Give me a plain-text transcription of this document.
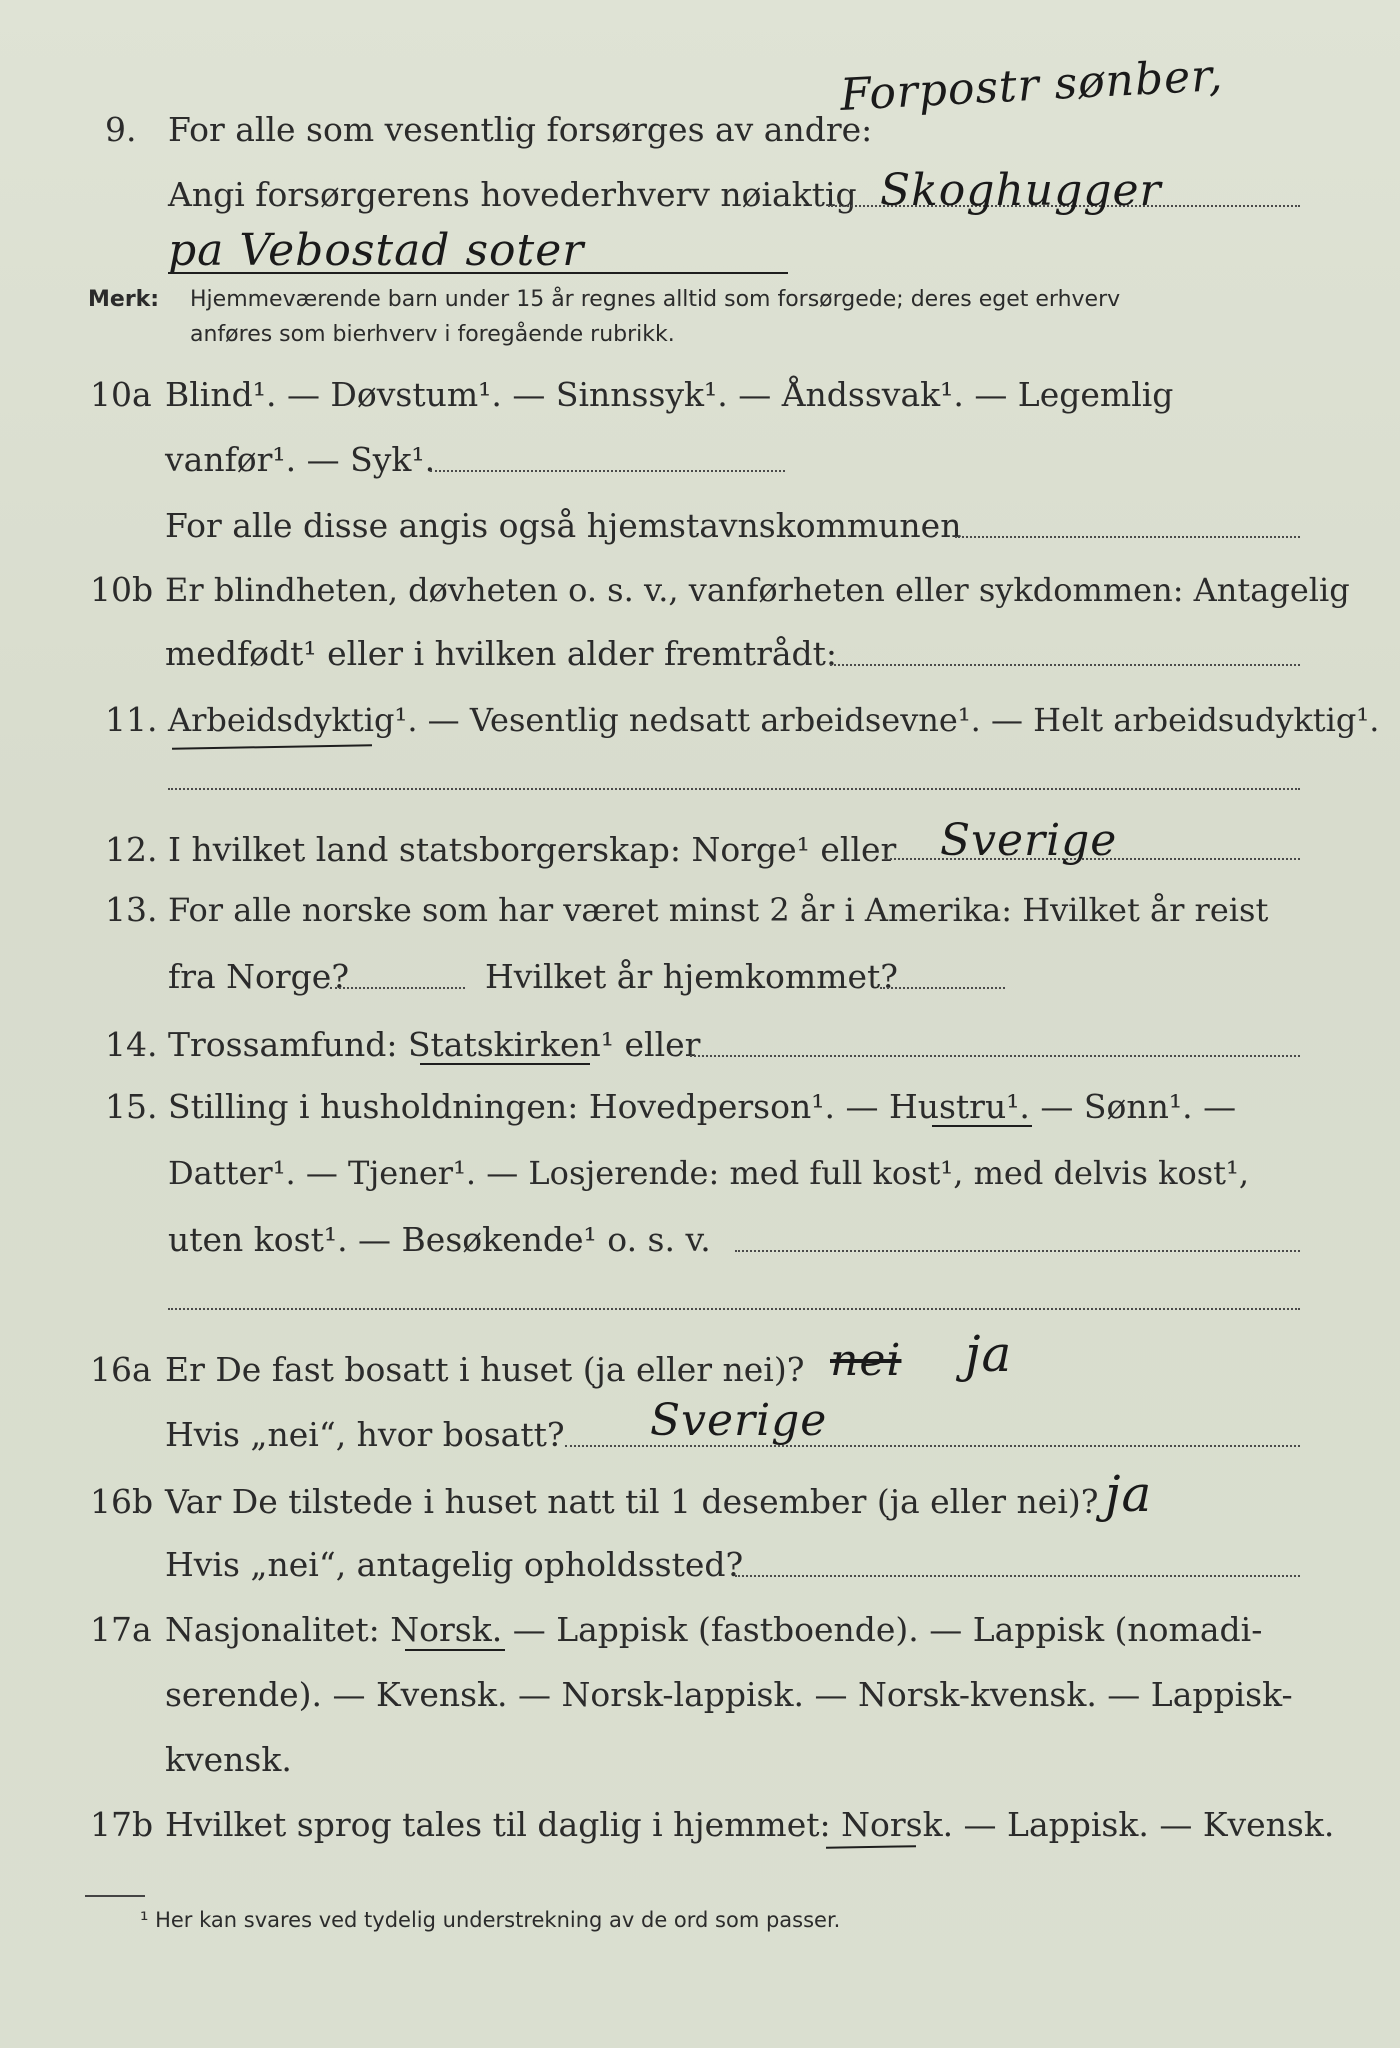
9. For alle som vesentlig forsørges av andre:
Forpostr sønber,
Angi forsørgerens hovederhverv nøiaktig Skoghugger
pa Vebostad soter
Merk: Hjemmeværende barn under 15 år regnes alltid som forsørgede; deres eget erhverv
anføres som bierhverv i foregående rubrikk.
10a Blind¹. — Døvstum¹. — Sinnssyk¹. — Åndssvak¹. — Legemlig
vanfør¹. — Syk¹.
For alle disse angis også hjemstavnskommunen
10b Er blindheten, døvheten o. s. v., vanførheten eller sykdommen: Antagelig
medfødt¹ eller i hvilken alder fremtrådt:
11. Arbeidsdyktig¹. — Vesentlig nedsatt arbeidsevne¹. — Helt arbeidsudyktig¹.
12. I hvilket land statsborgerskap: Norge¹ eller Sverige
13. For alle norske som har været minst 2 år i Amerika: Hvilket år reist
fra Norge?	Hvilket år hjemkommet?
14. Trossamfund: Statskirken¹ eller
15. Stilling i husholdningen: Hovedperson¹. — Hustru¹. — Sønn¹. —
Datter¹. — Tjener¹. — Losjerende: med full kost¹, med delvis kost¹,
uten kost¹. — Besøkende¹ o. s. v.
16a Er De fast bosatt i huset (ja eller nei)? nei ja
Hvis „nei“, hvor bosatt? Sverige
16b Var De tilstede i huset natt til 1 desember (ja eller nei)? ja
Hvis „nei“, antagelig opholdssted?
17a Nasjonalitet: Norsk. — Lappisk (fastboende). — Lappisk (nomadi-
serende). — Kvensk. — Norsk-lappisk. — Norsk-kvensk. — Lappisk-
kvensk.
17b Hvilket sprog tales til daglig i hjemmet: Norsk. — Lappisk. — Kvensk.
¹ Her kan svares ved tydelig understrekning av de ord som passer.
